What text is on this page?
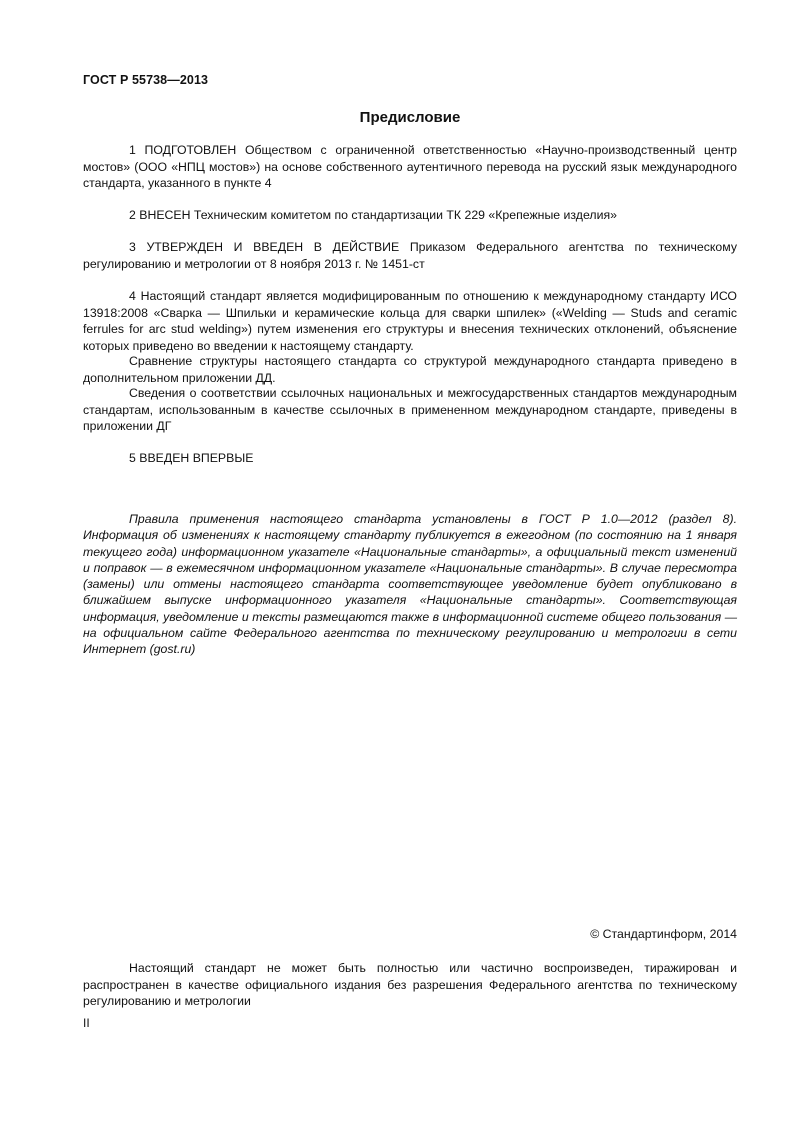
ГОСТ Р 55738—2013
Предисловие

1 ПОДГОТОВЛЕН Обществом с ограниченной ответственностью «Научно-производственный центр мостов» (ООО «НПЦ мостов») на основе собственного аутентичного перевода на русский язык международного стандарта, указанного в пункте 4

2 ВНЕСЕН Техническим комитетом по стандартизации ТК 229 «Крепежные изделия»

3 УТВЕРЖДЕН И ВВЕДЕН В ДЕЙСТВИЕ Приказом Федерального агентства по техническому регулированию и метрологии от 8 ноября 2013 г. № 1451-ст

4 Настоящий стандарт является модифицированным по отношению к международному стандарту ИСО 13918:2008 «Сварка — Шпильки и керамические кольца для сварки шпилек» («Welding — Studs and ceramic ferrules for arc stud welding») путем изменения его структуры и внесения технических отклонений, объяснение которых приведено во введении к настоящему стандарту.

Сравнение структуры настоящего стандарта со структурой международного стандарта приведено в дополнительном приложении ДД.

Сведения о соответствии ссылочных национальных и межгосударственных стандартов международным стандартам, использованным в качестве ссылочных в примененном международном стандарте, приведены в приложении ДГ

5 ВВЕДЕН ВПЕРВЫЕ

Правила применения настоящего стандарта установлены в ГОСТ Р 1.0—2012 (раздел 8). Информация об изменениях к настоящему стандарту публикуется в ежегодном (по состоянию на 1 января текущего года) информационном указателе «Национальные стандарты», а официальный текст изменений и поправок — в ежемесячном информационном указателе «Национальные стандарты». В случае пересмотра (замены) или отмены настоящего стандарта соответствующее уведомление будет опубликовано в ближайшем выпуске информационного указателя «Национальные стандарты». Соответствующая информация, уведомление и тексты размещаются также в информационной системе общего пользования — на официальном сайте Федерального агентства по техническому регулированию и метрологии в сети Интернет (gost.ru)

© Стандартинформ, 2014

Настоящий стандарт не может быть полностью или частично воспроизведен, тиражирован и распространен в качестве официального издания без разрешения Федерального агентства по техническому регулированию и метрологии

II
